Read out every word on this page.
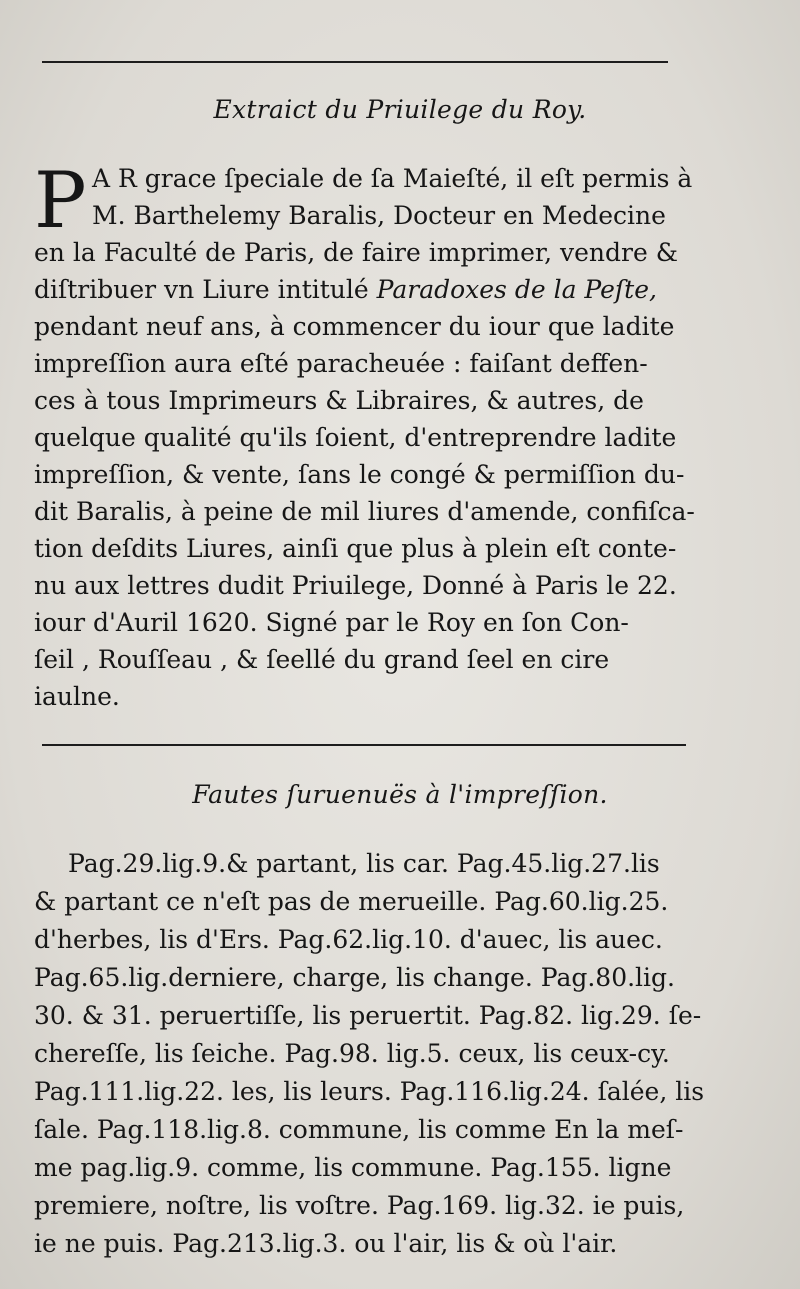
Extraict du Priuilege du Roy.
P A R grace ſpeciale de ſa Maieſté, il eſt permis à
M. Barthelemy Baralis, Docteur en Medecine
en la Faculté de Paris, de faire imprimer, vendre &
diſtribuer vn Liure intitulé Paradoxes de la Peſte,
pendant neuf ans, à commencer du iour que ladite
impreſſion aura eſté paracheuée : faiſant deffen-
ces à tous Imprimeurs & Libraires, & autres, de
quelque qualité qu'ils ſoient, d'entreprendre ladite
impreſſion, & vente, ſans le congé & permiſſion du-
dit Baralis, à peine de mil liures d'amende, confiſca-
tion deſdits Liures, ainſi que plus à plein eſt conte-
nu aux lettres dudit Priuilege, Donné à Paris le 22.
iour d'Auril 1620. Signé par le Roy en ſon Con-
ſeil , Rouſſeau , & ſeellé du grand ſeel en cire
iaulne.
Fautes ſuruenuës à l'impreſſion.
Pag.29.lig.9.& partant, lis car. Pag.45.lig.27.lis
& partant ce n'eſt pas de merueille. Pag.60.lig.25.
d'herbes, lis d'Ers. Pag.62.lig.10. d'auec, lis auec.
Pag.65.lig.derniere, charge, lis change. Pag.80.lig.
30. & 31. peruertiſſe, lis peruertit. Pag.82. lig.29. ſe-
chereſſe, lis ſeiche. Pag.98. lig.5. ceux, lis ceux-cy.
Pag.111.lig.22. les, lis leurs. Pag.116.lig.24. ſalée, lis
ſale. Pag.118.lig.8. commune, lis comme En la meſ-
me pag.lig.9. comme, lis commune. Pag.155. ligne
premiere, noſtre, lis voſtre. Pag.169. lig.32. ie puis,
ie ne puis. Pag.213.lig.3. ou l'air, lis & où l'air.
